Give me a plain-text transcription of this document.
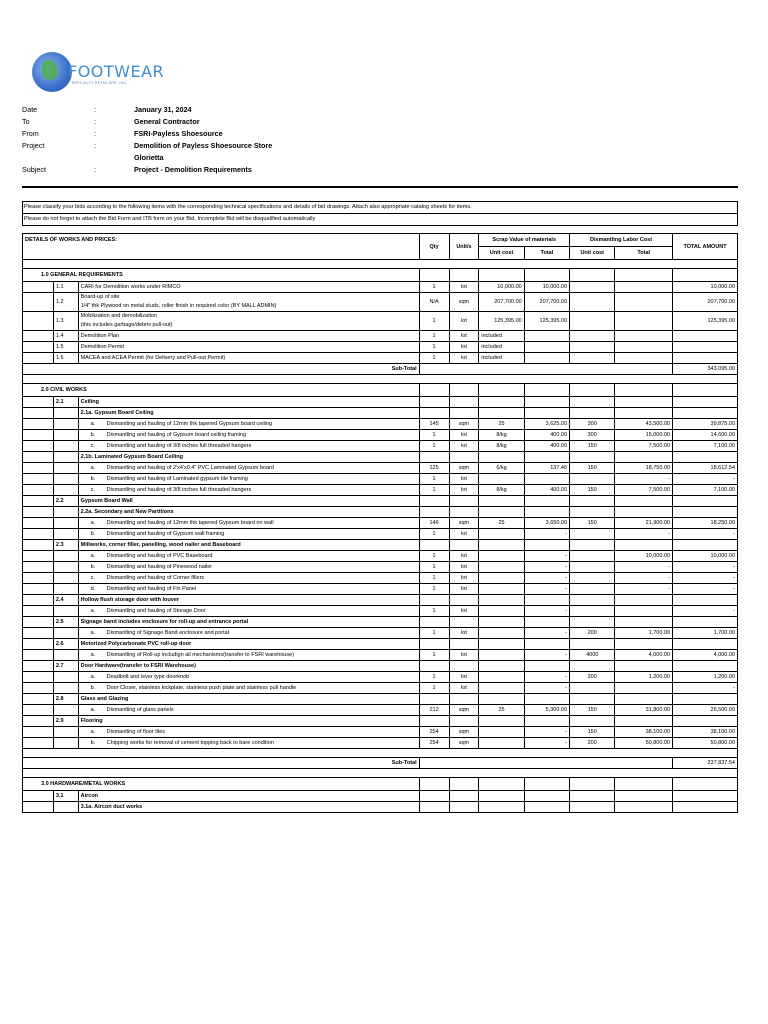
FOOTWEAR
SPECIALTY RETAILERS, INC.
Date	:	January 31, 2024
To	:	General Contractor
From	:	FSRI-Payless Shoesource
Project	:	Demolition of Payless Shoesource Store
Glorietta
Subject	:	Project - Demolition Requirements
Please classify your bids according to the following items with the corresponding technical specifications and details of bid drawings. Attach also appropriate catalog sheets for items.
Please do not forget to attach the Bid Form and ITB form on your Bid. Incomplete Bid will be disqualified automatically
DETAILS OF WORKS AND PRICES:			Qty	Unit/s	Scrap Value of materials		Dismantling Labor Cost		TOTAL AMOUNT
					Unit cost	Total	Unit cost	Total	

1.0 GENERAL REQUIREMENTS									
	1.1	CARI for Demolition works under RIMCO	1	lot	10,000.00	10,000.00			10,000.00
	1.2	Board-up of site
1/4" thk Plywood on metal studs, roller finish in required color (BY MALL ADMIN)	N/A	sqm	207,700.00	207,700.00			207,700.00
	1.3	Mobilization and demobilization
(this includes garbage/debris pull-out)	1	lot	125,395.00	125,395.00			125,395.00
	1.4	Demolition Plan	1	lot	included				
	1.5	Demolition Permit	1	lot	included				
	1.6	MACEA and ACEA Permit (for Delivery and Pull-out Permit)	1	lot	included				
Sub-Total									343,095.00

2.0 CIVIL WORKS									
	2.1	Ceiling							
		2.1a. Gypsum Board Ceiling							
		a. Dismantling and hauling of 12mm thk tapered Gypsum board ceiling	145	sqm	25	3,625.00	300	43,500.00	39,875.00
		b. Dismantling and hauling of Gypsum board ceiling framing	1	lot	8/kg	400.00	300	15,000.00	14,600.00
		c. Dismantling and hauling of 3/8 inches full threaded hangers	1	lot	8/kg	400.00	150	7,500.00	7,100.00
		2.1b. Laminated Gypsum Board Ceiling							
		a. Dismantling and hauling of 2'x4'x0.4" PVC Laminated Gypsum board	125	sqm	6/kg	137.46	150	18,750.00	18,612.54
		b. Dismantling and hauling of Laminated gypsum tile framing	1	lot				-	-
		c. Dismantling and hauling of 3/8 inches full threaded hangers	1	lot	8/kg	400.00	150	7,500.00	7,100.00
	2.2	Gypsum Board Wall							
		2.2a. Secondary and New Partitions							
		a. Dismantling and hauling of 12mm thk tapered Gypsum board on wall	146	sqm	25	3,650.00	150	21,900.00	18,250.00
		b. Dismantling and hauling of Gypsum wall framing	1	lot		-		-	-
	2.3	Millworks, corner filler, panelling, wood nailer and Baseboard							
		a. Dismantling and hauling of PVC Baseboard	1	lot		-		10,000.00	10,000.00
		b. Dismantling and hauling of Pinewood nailer	1	lot		-		-	-
		c. Dismantling and hauling of Corner fillers	1	lot		-		-	-
		d. Dismantling and hauling of Fin Panel	1	lot		-		-	-
	2.4	Hollow flush storage door with louver							
		a. Dismantling and hauling of Storage Door	1	lot		-			-
	2.5	Signage band includes enclosure for roll-up and entrance portal							
		a. Dismantling of Signage Band enclosure and portal	1	lot		-	200	1,700.00	1,700.00
	2.6	Motorized Polycarbonate PVC roll-up door							
		a. Dismantling of Roll-up includign all mechanisms(transfer to FSRI warehouse)	1	lot		-	4000	4,000.00	4,000.00
	2.7	Door Hardware(transfer to FSRI Warehouse)							
		a. Deadbolt and lever type doorknob	1	lot		-	200	1,200.00	1,200.00
		b. Door Closer, stainless kickplate, stainless push plate and stainless pull handle	1	lot		-			-
	2.8	Glass and Glazing							
		a. Dismantling of glass panels	212	sqm	25	5,300.00	150	31,800.00	26,500.00
	2.9	Flooring							
		a. Dismantling of floor tiles	254	sqm		-	150	38,100.00	38,100.00
		b. Chipping works for removal of cement topping back to bare condition	254	sqm		-	200	50,800.00	50,800.00

Sub-Total									237,837.54

3.0 HARDWARE/METAL WORKS									
	3.1	Aircon							
		3.1a. Aircon duct works							
